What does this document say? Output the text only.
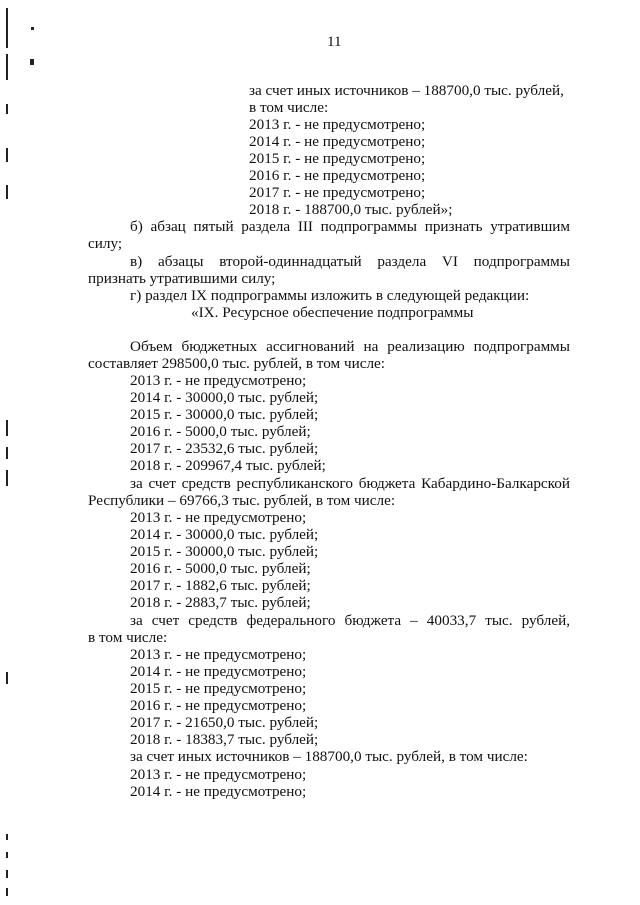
11
за счет иных источников – 188700,0 тыс. рублей,
в том числе:
2013 г. - не предусмотрено;
2014 г. - не предусмотрено;
2015 г. - не предусмотрено;
2016 г. - не предусмотрено;
2017 г. - не предусмотрено;
2018 г. - 188700,0 тыс. рублей»;
б) абзац пятый раздела III подпрограммы признать утратившим
силу;
в) абзацы второй-одиннадцатый раздела VI подпрограммы
признать утратившими силу;
г) раздел IX подпрограммы изложить в следующей редакции:
«IX. Ресурсное обеспечение подпрограммы
Объем бюджетных ассигнований на реализацию подпрограммы
составляет 298500,0 тыс. рублей, в том числе:
2013 г. - не предусмотрено;
2014 г. - 30000,0 тыс. рублей;
2015 г. - 30000,0 тыс. рублей;
2016 г. - 5000,0 тыс. рублей;
2017 г. - 23532,6 тыс. рублей;
2018 г. - 209967,4 тыс. рублей;
за счет средств республиканского бюджета Кабардино-Балкарской
Республики – 69766,3 тыс. рублей, в том числе:
2013 г. - не предусмотрено;
2014 г. - 30000,0 тыс. рублей;
2015 г. - 30000,0 тыс. рублей;
2016 г. - 5000,0 тыс. рублей;
2017 г. - 1882,6 тыс. рублей;
2018 г. - 2883,7 тыс. рублей;
за счет средств федерального бюджета – 40033,7 тыс. рублей,
в том числе:
2013 г. - не предусмотрено;
2014 г. - не предусмотрено;
2015 г. - не предусмотрено;
2016 г. - не предусмотрено;
2017 г. - 21650,0 тыс. рублей;
2018 г. - 18383,7 тыс. рублей;
за счет иных источников – 188700,0 тыс. рублей, в том числе:
2013 г. - не предусмотрено;
2014 г. - не предусмотрено;
